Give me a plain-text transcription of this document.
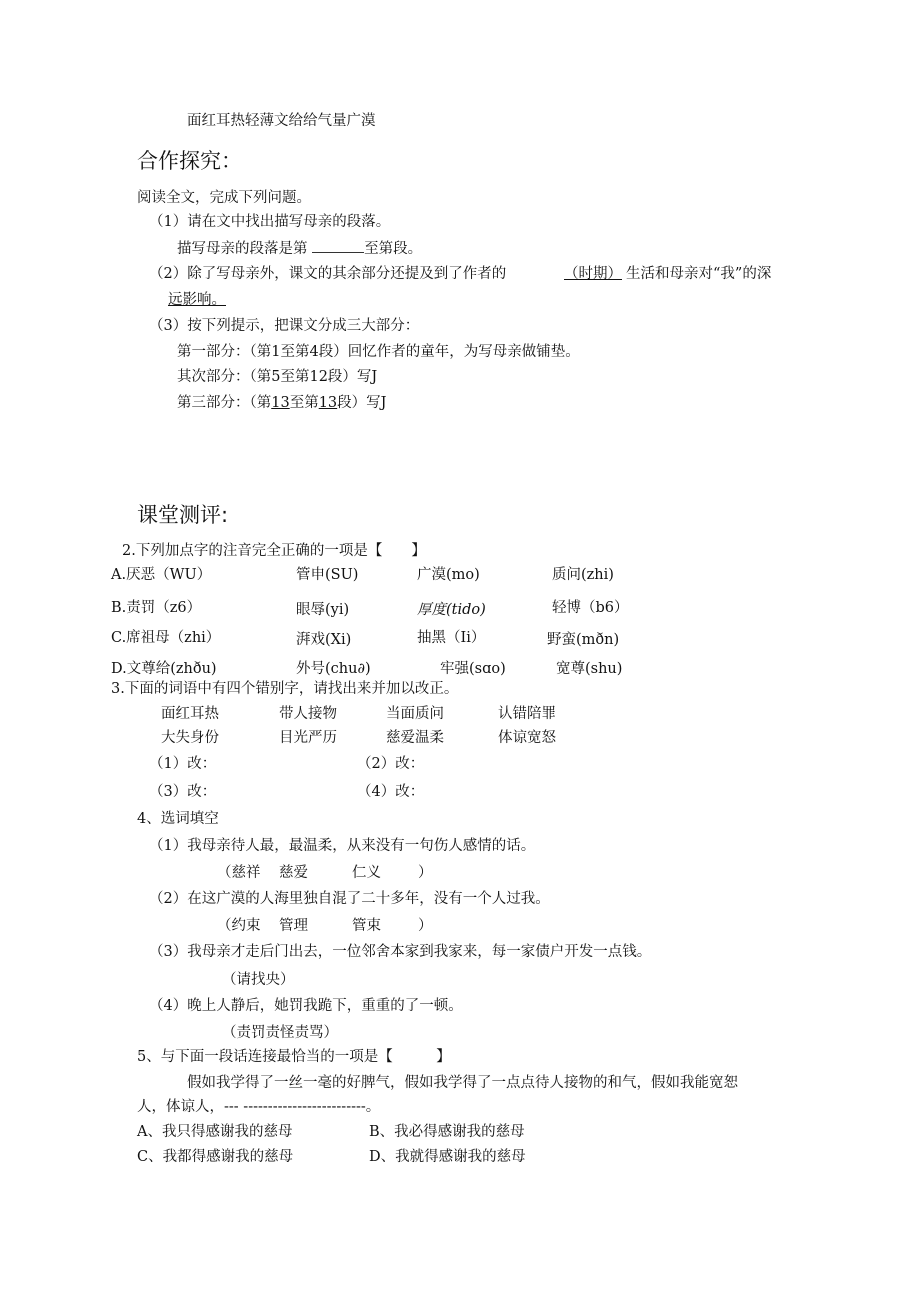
面红耳热轻薄文给给气量广漠
合作探究：
阅读全文，完成下列问题。
（1）请在文中找出描写母亲的段落。
描写母亲的段落是第	至第段。
（2）除了写母亲外，课文的其余部分还提及到了作者的	（时期） 生活和母亲对“我”的深
远影响。
（3）按下列提示，把课文分成三大部分：
第一部分：（第1至第4段）回忆作者的童年，为写母亲做铺垫。
其次部分：（第5至第12段）写J
第三部分：（第13至第13段）写J
课堂测评:
2.下列加点字的注音完全正确的一项是【　　】
A.厌恶（WU）	管申(SU)	广漠(mo)	质问(zhi)
B.责罚（z6）	眼辱(yi)	厚度(tido)	轻博（b6）
C.席祖母（zhi）	湃戏(Xi)	抽黑（Ii）	野蛮(mðn)
D.文尊给(zhðu)	外号(chu∂)	牢强(sɑo)	宽尊(shu)
3.下面的词语中有四个错别字，请找出来并加以改正。
面红耳热	带人接物	当面质问	认错陪罪
大失身份	目光严历	慈爱温柔	体谅宽怒
（1）改：	（2）改：
（3）改：	（4）改：
4、选词填空
（1）我母亲待人最，最温柔，从来没有一句伤人感情的话。
（慈祥 慈爱	仁义	）
（2）在这广漠的人海里独自混了二十多年，没有一个人过我。
（约束 管理	管束	）
（3）我母亲才走后门出去，一位邻舍本家到我家来，每一家债户开发一点钱。
（请找央）
（4）晚上人静后，她罚我跪下，重重的了一顿。
（责罚责怪责骂）
5、与下面一段话连接最恰当的一项是【　　　】
假如我学得了一丝一毫的好脾气，假如我学得了一点点待人接物的和气，假如我能宽恕
人，体谅人，--- -------------------------。
A、我只得感谢我的慈母	B、我必得感谢我的慈母
C、我都得感谢我的慈母	D、我就得感谢我的慈母
